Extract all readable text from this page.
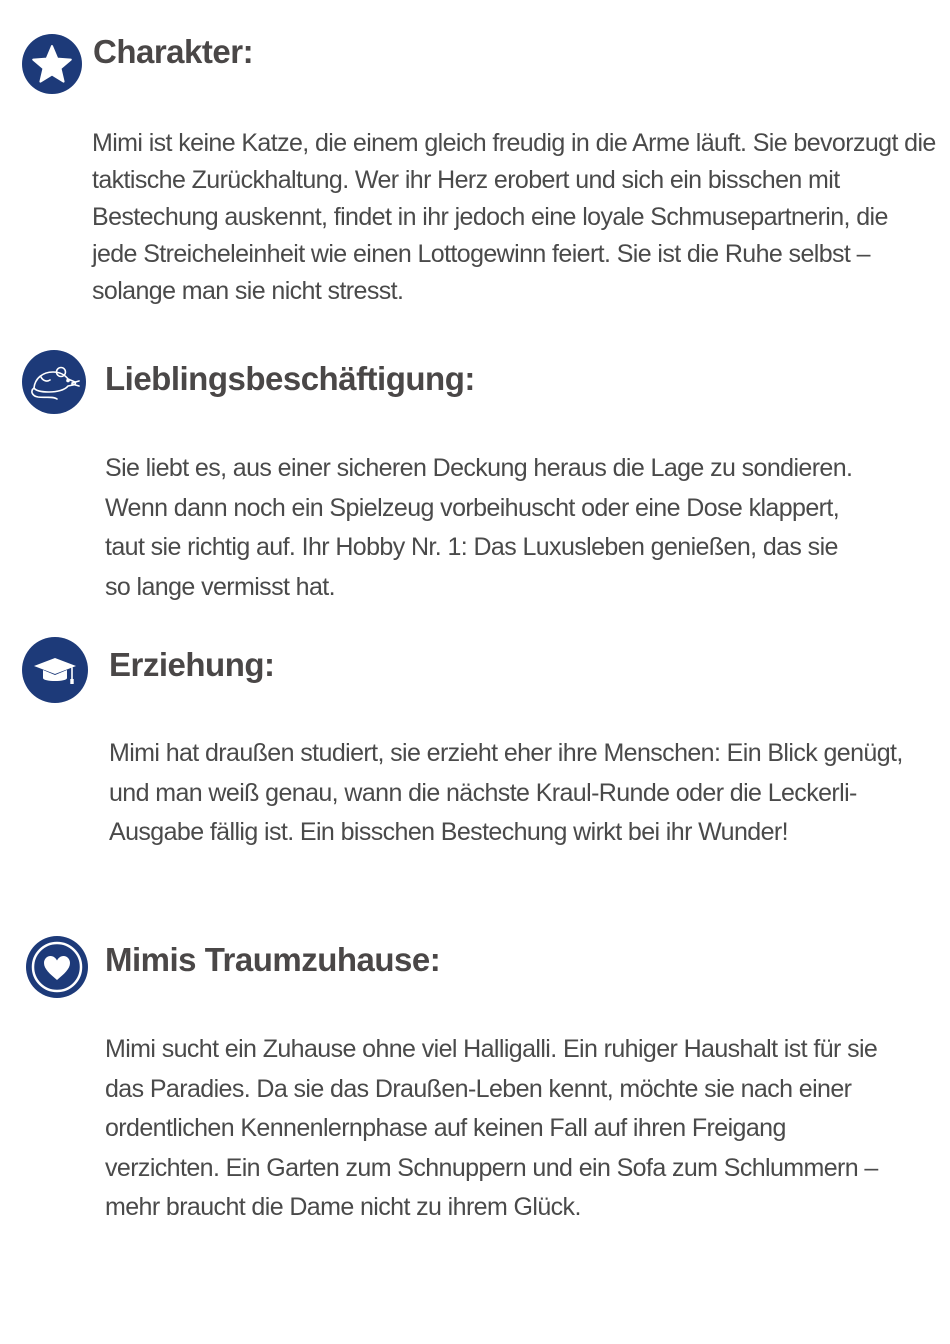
Charakter:

Mimi ist keine Katze, die einem gleich freudig in die Arme läuft. Sie bevorzugt die taktische Zurückhaltung. Wer ihr Herz erobert und sich ein bisschen mit Bestechung auskennt, findet in ihr jedoch eine loyale Schmusepartnerin, die jede Streicheleinheit wie einen Lottogewinn feiert. Sie ist die Ruhe selbst – solange man sie nicht stresst.

Lieblingsbeschäftigung:

Sie liebt es, aus einer sicheren Deckung heraus die Lage zu sondieren. Wenn dann noch ein Spielzeug vorbeihuscht oder eine Dose klappert, taut sie richtig auf. Ihr Hobby Nr. 1: Das Luxusleben genießen, das sie so lange vermisst hat.

Erziehung:

Mimi hat draußen studiert, sie erzieht eher ihre Menschen: Ein Blick genügt, und man weiß genau, wann die nächste Kraul-Runde oder die Leckerli-Ausgabe fällig ist. Ein bisschen Bestechung wirkt bei ihr Wunder!

Mimis Traumzuhause:

Mimi sucht ein Zuhause ohne viel Halligalli. Ein ruhiger Haushalt ist für sie das Paradies. Da sie das Draußen-Leben kennt, möchte sie nach einer ordentlichen Kennenlernphase auf keinen Fall auf ihren Freigang verzichten. Ein Garten zum Schnuppern und ein Sofa zum Schlummern – mehr braucht die Dame nicht zu ihrem Glück.
